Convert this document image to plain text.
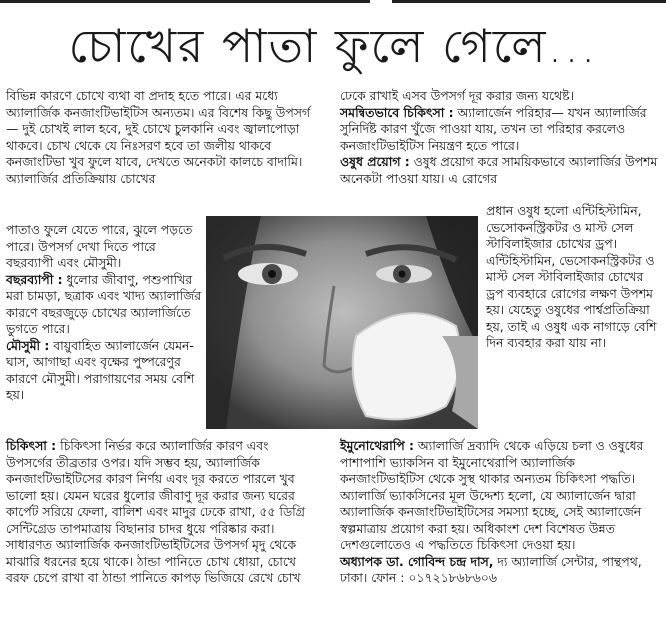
চোখের পাতা ফুলে গেলে...

বিভিন্ন কারণে চোখে ব্যথা বা প্রদাহ হতে পারে। এর মধ্যে অ্যালার্জিক কনজাংটিভাইটিস অন্যতম। এর বিশেষ কিছু উপসর্গ— দুই চোখই লাল হবে, দুই চোখে চুলকানি এবং জ্বালাপোড়া থাকবে। চোখ থেকে যে নিঃসরণ হবে তা জলীয় থাকবে কনজাংটিভা খুব ফুলে যাবে, দেখতে অনেকটা কালচে বাদামি। অ্যালার্জির প্রতিক্রিয়ায় চোখের

পাতাও ফুলে যেতে পারে, ঝুলে পড়তে পারে। উপসর্গ দেখা দিতে পারে

বছরব্যাপী এবং মৌসুমী।

বছরব্যাপী : ধুলোর জীবাণু, পশুপাখির মরা চামড়া, ছত্রাক এবং খাদ্য অ্যালার্জির কারণে বছরজুড়ে চোখের অ্যালার্জিতে ভুগতে পারে।

মৌসুমী : বায়ুবাহিত অ্যালার্জেন যেমন- ঘাস, আগাছা এবং বৃক্ষের পুষ্পরেণুর কারণে মৌসুমী। পরাগায়ণের সময় বেশি হয়।

চিকিৎসা : চিকিৎসা নির্ভর করে অ্যালার্জির কারণ এবং উপসর্গের তীব্রতার ওপর। যদি সম্ভব হয়, অ্যালার্জিক কনজাংটিভাইটিসের কারণ নির্ণয় এবং দূর করতে পারলে খুব ভালো হয়। যেমন ঘরের ধুলোর জীবাণু দূর করার জন্য ঘরের কার্পেট সরিয়ে ফেলা, বালিশ এবং মাদুর ঢেকে রাখা, ৫৫ ডিগ্রি সেন্টিগ্রেড তাপমাত্রায় বিছানার চাদর ধুয়ে পরিষ্কার করা। সাধারণত অ্যালার্জিক কনজাংটিভাইটিসের উপসর্গ মৃদু থেকে মাঝারি ধরনের হয়ে থাকে। ঠান্ডা পানিতে চোখ ধোয়া, চোখে বরফ চেপে রাখা বা ঠান্ডা পানিতে কাপড় ভিজিয়ে রেখে চোখ

ঢেকে রাখাই এসব উপসর্গ দূর করার জন্য যথেষ্ট।

সমন্বিতভাবে চিকিৎসা : অ্যালার্জেন পরিহার— যখন অ্যালার্জির সুনির্দিষ্ট কারণ খুঁজে পাওয়া যায়, তখন তা পরিহার করলেও কনজাংটিভাইটিস নিয়ন্ত্রণ হতে পারে।

ওষুধ প্রয়োগ : ওষুধ প্রয়োগ করে সাময়িকভাবে অ্যালার্জির উপশম অনেকটা পাওয়া যায়। এ রোগের

প্রধান ওষুধ হলো এন্টিহিস্টামিন, ভেসোকনস্ট্রিকটর ও মাস্ট সেল স্টাবিলাইজার চোখের ড্রপ। এন্টিহিস্টামিন, ভেসোকনস্ট্রিকটর ও মাস্ট সেল স্টাবিলাইজার চোখের ড্রপ ব্যবহারে রোগের লক্ষণ উপশম হয়। যেহেতু ওষুধের পার্শ্বপ্রতিক্রিয়া হয়, তাই এ ওষুধ এক নাগাড়ে বেশি দিন ব্যবহার করা যায় না।

ইমুনোথেরাপি : অ্যালার্জি দ্রব্যাদি থেকে এড়িয়ে চলা ও ওষুধের পাশাপাশি ভ্যাকসিন বা ইমুনোথেরাপি অ্যালার্জিক কনজাংটিভাইটিস থেকে সুস্থ থাকার অন্যতম চিকিৎসা পদ্ধতি। অ্যালার্জি ভ্যাকসিনের মূল উদ্দেশ্য হলো, যে অ্যালার্জেন দ্বারা অ্যালার্জিক কনজাংটিভাইটিসের সমস্যা হচ্ছে, সেই অ্যালার্জেন স্বল্পমাত্রায় প্রয়োগ করা হয়। অধিকাংশ দেশ বিশেষত উন্নত দেশগুলোতেও এ পদ্ধতিতে চিকিৎসা দেওয়া হয়।

অধ্যাপক ডা. গোবিন্দ চন্দ্র দাস, দ্য অ্যালার্জি সেন্টার, পান্থপথ, ঢাকা। ফোন : ০১৭২১৮৬৮৬০৬
